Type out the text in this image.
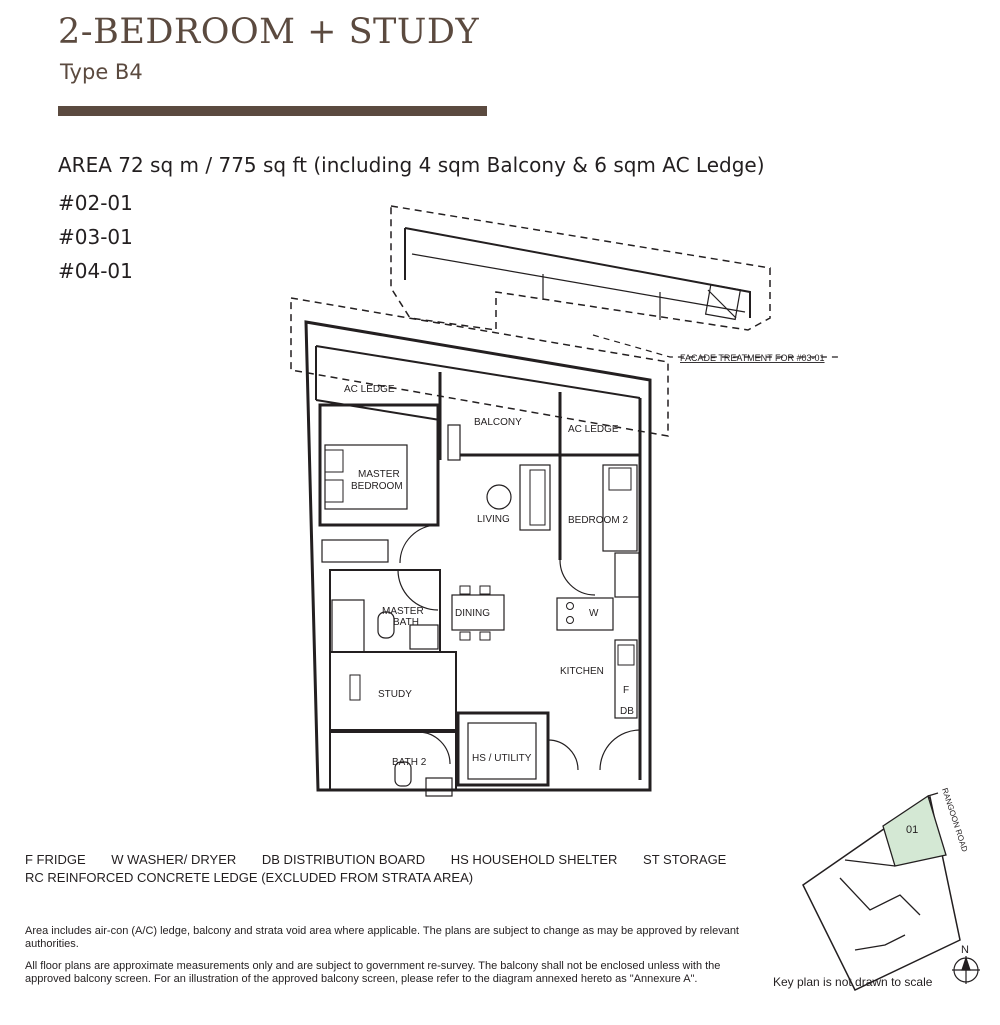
2-BEDROOM + STUDY
Type B4
AREA 72 sq m / 775 sq ft (including 4 sqm Balcony & 6 sqm AC Ledge)
#02-01
#03-01
#04-01
FACADE TREATMENT FOR #03-01
AC LEDGE
BALCONY
AC LEDGE
MASTER
BEDROOM
LIVING	BEDROOM 2
MASTER
BATH
DINING	W
KITCHEN
F
DB
STUDY
BATH 2	HS / UTILITY
01	RANGOON ROAD
N
F FRIDGE W WASHER/ DRYER DB DISTRIBUTION BOARD HS HOUSEHOLD SHELTER ST STORAGE
RC REINFORCED CONCRETE LEDGE (EXCLUDED FROM STRATA AREA)

Area includes air-con (A/C) ledge, balcony and strata void area where applicable. The plans are subject to change as may be approved by relevant authorities.

All floor plans are approximate measurements only and are subject to government re-survey. The balcony shall not be enclosed unless with the approved balcony screen. For an illustration of the approved balcony screen, please refer to the diagram annexed hereto as "Annexure A".	Key plan is not drawn to scale
